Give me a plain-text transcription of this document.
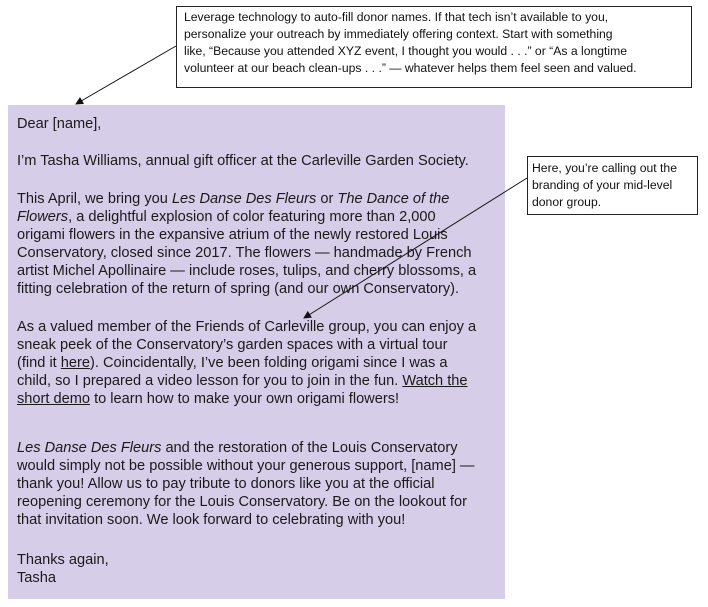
Leverage technology to auto-fill donor names. If that tech isn’t available to you,
personalize your outreach by immediately offering context. Start with something
like, “Because you attended XYZ event, I thought you would . . .” or “As a longtime
volunteer at our beach clean-ups . . .” — whatever helps them feel seen and valued.
Here, you’re calling out the
branding of your mid-level
donor group.
Dear [name],
I’m Tasha Williams, annual gift officer at the Carleville Garden Society.
This April, we bring you Les Danse Des Fleurs or The Dance of the
Flowers, a delightful explosion of color featuring more than 2,000
origami flowers in the expansive atrium of the newly restored Louis
Conservatory, closed since 2017. The flowers — handmade by French
artist Michel Apollinaire — include roses, tulips, and cherry blossoms, a
fitting celebration of the return of spring (and our own Conservatory).
As a valued member of the Friends of Carleville group, you can enjoy a
sneak peek of the Conservatory’s garden spaces with a virtual tour
(find it here). Coincidentally, I’ve been folding origami since I was a
child, so I prepared a video lesson for you to join in the fun. Watch the
short demo to learn how to make your own origami flowers!
Les Danse Des Fleurs and the restoration of the Louis Conservatory
would simply not be possible without your generous support, [name] —
thank you! Allow us to pay tribute to donors like you at the official
reopening ceremony for the Louis Conservatory. Be on the lookout for
that invitation soon. We look forward to celebrating with you!
Thanks again,
Tasha
